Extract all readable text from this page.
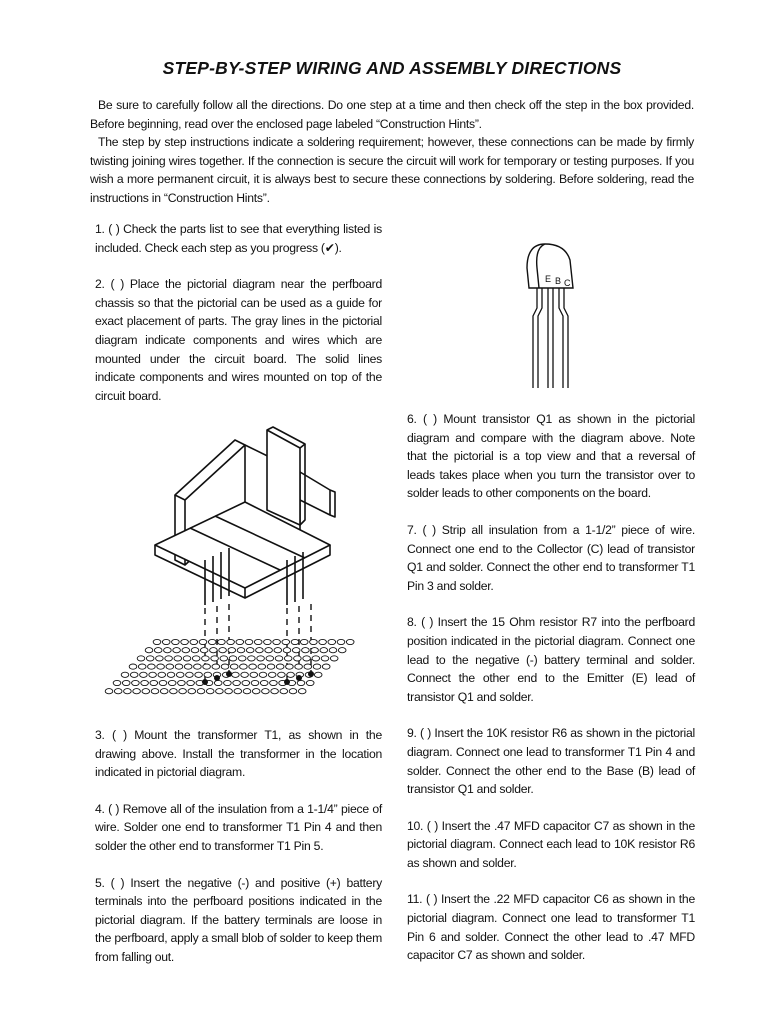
STEP-BY-STEP WIRING AND ASSEMBLY DIRECTIONS

Be sure to carefully follow all the directions. Do one step at a time and then check off the step in the box provided. Before beginning, read over the enclosed page labeled “Construction Hints”.

The step by step instructions indicate a soldering requirement; however, these connections can be made by firmly twisting joining wires together. If the connection is secure the circuit will work for temporary or testing purposes. If you wish a more permanent circuit, it is always best to secure these connections by soldering. Before soldering, read the instructions in “Construction Hints”.

1. ( ) Check the parts list to see that everything listed is included. Check each step as you progress (✔).

2. ( ) Place the pictorial diagram near the perfboard chassis so that the pictorial can be used as a guide for exact placement of parts. The gray lines in the pictorial diagram indicate components and wires which are mounted under the circuit board. The solid lines indicate components and wires mounted on top of the circuit board.

3. ( ) Mount the transformer T1, as shown in the drawing above. Install the transformer in the location indicated in pictorial diagram.

4. ( ) Remove all of the insulation from a 1-1/4” piece of wire. Solder one end to transformer T1 Pin 4 and then solder the other end to transformer T1 Pin 5.

5. ( ) Insert the negative (-) and positive (+) battery terminals into the perfboard positions indicated in the pictorial diagram. If the battery terminals are loose in the perfboard, apply a small blob of solder to keep them from falling out.

E B C

6. ( ) Mount transistor Q1 as shown in the pictorial diagram and compare with the diagram above. Note that the pictorial is a top view and that a reversal of leads takes place when you turn the transistor over to solder leads to other components on the board.

7. ( ) Strip all insulation from a 1-1/2” piece of wire. Connect one end to the Collector (C) lead of transistor Q1 and solder. Connect the other end to transformer T1 Pin 3 and solder.

8. ( ) Insert the 15 Ohm resistor R7 into the perfboard position indicated in the pictorial diagram. Connect one lead to the negative (-) battery terminal and solder. Connect the other end to the Emitter (E) lead of transistor Q1 and solder.

9. ( ) Insert the 10K resistor R6 as shown in the pictorial diagram. Connect one lead to transformer T1 Pin 4 and solder. Connect the other end to the Base (B) lead of transistor Q1 and solder.

10. ( ) Insert the .47 MFD capacitor C7 as shown in the pictorial diagram. Connect each lead to 10K resistor R6 as shown and solder.

11. ( ) Insert the .22 MFD capacitor C6 as shown in the pictorial diagram. Connect one lead to transformer T1 Pin 6 and solder. Connect the other lead to .47 MFD capacitor C7 as shown and solder.
